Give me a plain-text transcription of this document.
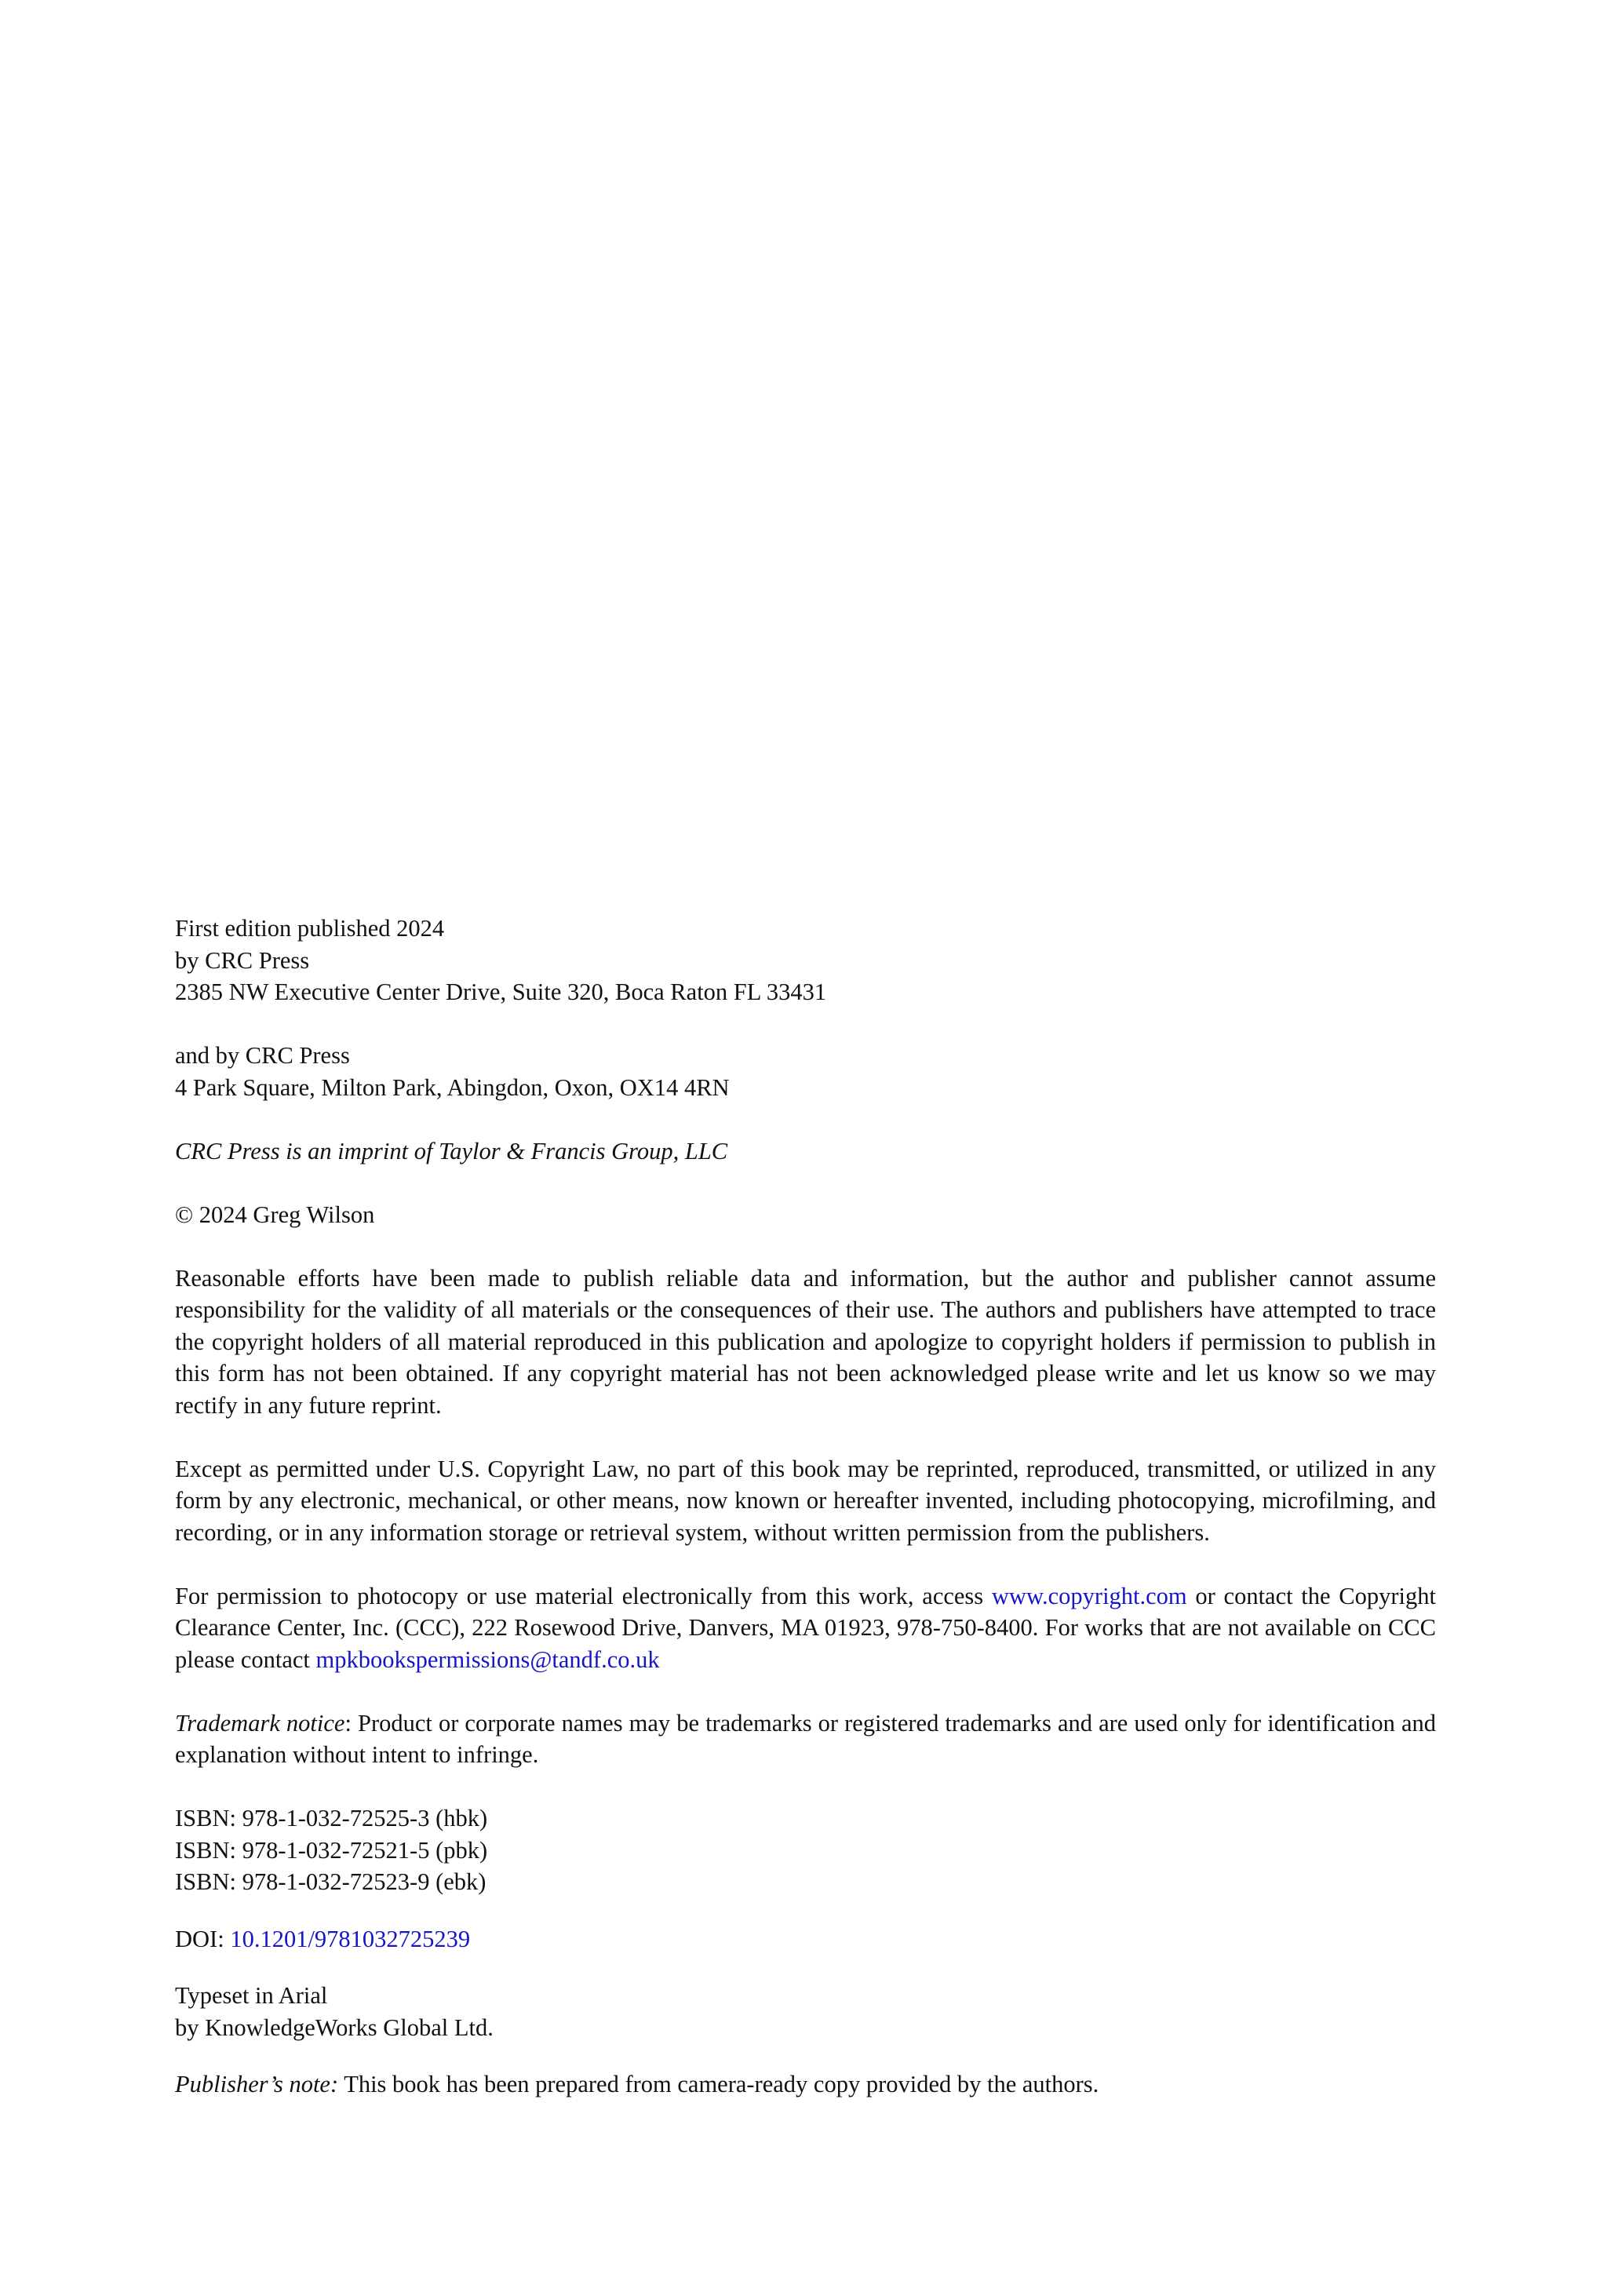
First edition published 2024
by CRC Press
2385 NW Executive Center Drive, Suite 320, Boca Raton FL 33431
and by CRC Press
4 Park Square, Milton Park, Abingdon, Oxon, OX14 4RN

CRC Press is an imprint of Taylor & Francis Group, LLC

© 2024 Greg Wilson

Reasonable efforts have been made to publish reliable data and information, but the author and publisher cannot assume responsibility for the validity of all materials or the consequences of their use. The authors and publishers have attempted to trace the copyright holders of all material reproduced in this publication and apologize to copyright holders if permission to publish in this form has not been obtained. If any copyright material has not been acknowledged please write and let us know so we may rectify in any future reprint.

Except as permitted under U.S. Copyright Law, no part of this book may be reprinted, reproduced, transmitted, or utilized in any form by any electronic, mechanical, or other means, now known or hereafter invented, including photocopying, microfilming, and recording, or in any information storage or retrieval system, without written permission from the publishers.

For permission to photocopy or use material electronically from this work, access www.copyright.com or contact the Copyright Clearance Center, Inc. (CCC), 222 Rosewood Drive, Danvers, MA 01923, 978-750-8400. For works that are not available on CCC please contact mpkbookspermissions@tandf.co.uk

Trademark notice: Product or corporate names may be trademarks or registered trademarks and are used only for identification and explanation without intent to infringe.

ISBN: 978-1-032-72525-3 (hbk)
ISBN: 978-1-032-72521-5 (pbk)
ISBN: 978-1-032-72523-9 (ebk)

DOI: 10.1201/9781032725239

Typeset in Arial
by KnowledgeWorks Global Ltd.

Publisher’s note: This book has been prepared from camera-ready copy provided by the authors.
